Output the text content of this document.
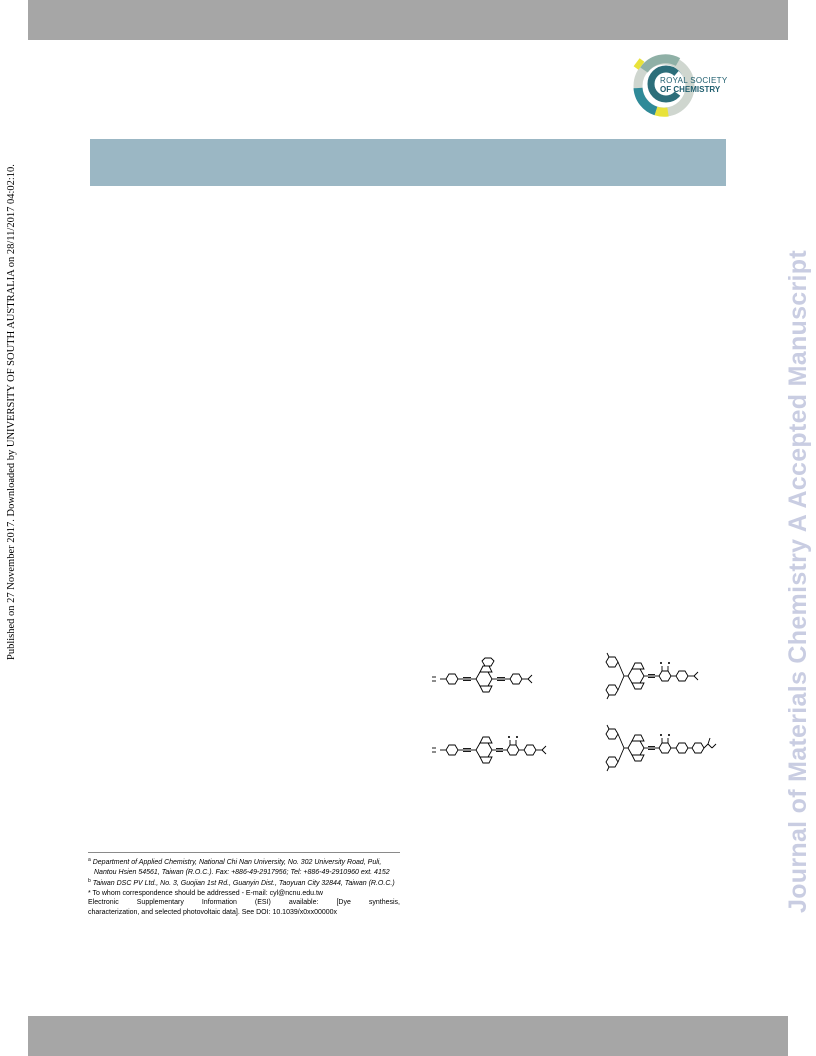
ROYAL SOCIETY
OF CHEMISTRY
Published on 27 November 2017. Downloaded by UNIVERSITY OF SOUTH AUSTRALIA on 28/11/2017 04:02:10.	Journal of Materials Chemistry A Accepted Manuscript

$^a$ Department of Applied Chemistry, National Chi Nan University, No. 302 University Road, Puli, Nantou Hsien 54561, Taiwan (R.O.C.). Fax: +886-49-2917956; Tel: +886-49-2910960 ext. 4152

$^b$ Taiwan DSC PV Ltd., No. 3, Guojian 1st Rd., Guanyin Dist., Taoyuan City 32844, Taiwan (R.O.C.)

* To whom correspondence should be addressed - E-mail: cyl@ncnu.edu.tw

Electronic Supplementary Information (ESI) available: [Dye synthesis,

characterization, and selected photovoltaic data]. See DOI: 10.1039/x0xx00000x
